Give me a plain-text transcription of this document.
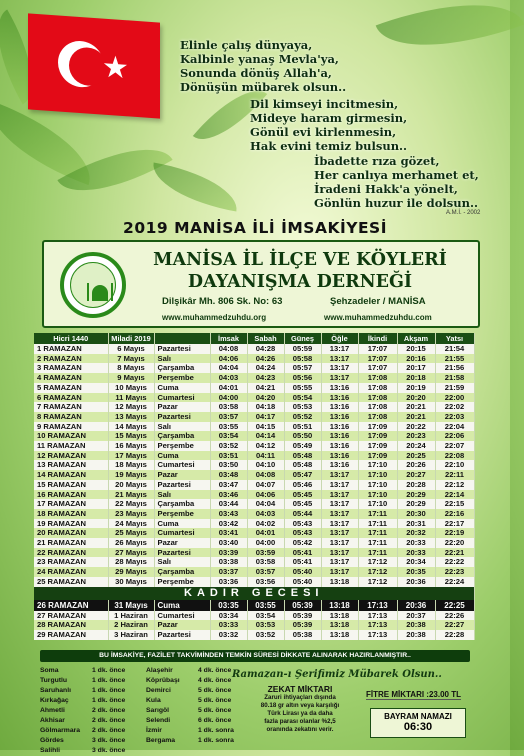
★
Elinle çalış dünyaya,
Kalbinle yanaş Mevla'ya,
Sonunda dönüş Allah'a,
Dönüşün mübarek olsun..
Dil kimseyi incitmesin,
Mideye haram girmesin,
Gönül evi kirlenmesin,
Hak evini temiz bulsun..
İbadette rıza gözet,
Her canlıya merhamet et,
İradeni Hakk'a yönelt,
Gönlün huzur ile dolsun..
A.M.İ. - 2002
2019 MANİSA İLİ İMSAKİYESİ
MANİSA İL İLÇE VE KÖYLERİ
DAYANIŞMA DERNEĞİ
Dilşikâr Mh. 806 Sk. No: 63	Şehzadeler / MANİSA
www.muhammedzuhdu.org	www.muhammedzuhdu.com
Hicri 1440	Miladi 2019		İmsak	Sabah	Güneş	Öğle	İkindi	Akşam	Yatsı
1 RAMAZAN	6 Mayıs	Pazartesi	04:08	04:28	05:59	13:17	17:07	20:15	21:54
2 RAMAZAN	7 Mayıs	Salı	04:06	04:26	05:58	13:17	17:07	20:16	21:55
3 RAMAZAN	8 Mayıs	Çarşamba	04:04	04:24	05:57	13:17	17:07	20:17	21:56
4 RAMAZAN	9 Mayıs	Perşembe	04:03	04:23	05:56	13:17	17:08	20:18	21:58
5 RAMAZAN	10 Mayıs	Cuma	04:01	04:21	05:55	13:16	17:08	20:19	21:59
6 RAMAZAN	11 Mayıs	Cumartesi	04:00	04:20	05:54	13:16	17:08	20:20	22:00
7 RAMAZAN	12 Mayıs	Pazar	03:58	04:18	05:53	13:16	17:08	20:21	22:02
8 RAMAZAN	13 Mayıs	Pazartesi	03:57	04:17	05:52	13:16	17:08	20:21	22:03
9 RAMAZAN	14 Mayıs	Salı	03:55	04:15	05:51	13:16	17:09	20:22	22:04
10 RAMAZAN	15 Mayıs	Çarşamba	03:54	04:14	05:50	13:16	17:09	20:23	22:06
11 RAMAZAN	16 Mayıs	Perşembe	03:52	04:12	05:49	13:16	17:09	20:24	22:07
12 RAMAZAN	17 Mayıs	Cuma	03:51	04:11	05:48	13:16	17:09	20:25	22:08
13 RAMAZAN	18 Mayıs	Cumartesi	03:50	04:10	05:48	13:16	17:10	20:26	22:10
14 RAMAZAN	19 Mayıs	Pazar	03:48	04:08	05:47	13:17	17:10	20:27	22:11
15 RAMAZAN	20 Mayıs	Pazartesi	03:47	04:07	05:46	13:17	17:10	20:28	22:12
16 RAMAZAN	21 Mayıs	Salı	03:46	04:06	05:45	13:17	17:10	20:29	22:14
17 RAMAZAN	22 Mayıs	Çarşamba	03:44	04:04	05:45	13:17	17:10	20:29	22:15
18 RAMAZAN	23 Mayıs	Perşembe	03:43	04:03	05:44	13:17	17:11	20:30	22:16
19 RAMAZAN	24 Mayıs	Cuma	03:42	04:02	05:43	13:17	17:11	20:31	22:17
20 RAMAZAN	25 Mayıs	Cumartesi	03:41	04:01	05:43	13:17	17:11	20:32	22:19
21 RAMAZAN	26 Mayıs	Pazar	03:40	04:00	05:42	13:17	17:11	20:33	22:20
22 RAMAZAN	27 Mayıs	Pazartesi	03:39	03:59	05:41	13:17	17:11	20:33	22:21
23 RAMAZAN	28 Mayıs	Salı	03:38	03:58	05:41	13:17	17:12	20:34	22:22
24 RAMAZAN	29 Mayıs	Çarşamba	03:37	03:57	05:40	13:17	17:12	20:35	22:23
25 RAMAZAN	30 Mayıs	Perşembe	03:36	03:56	05:40	13:18	17:12	20:36	22:24
KADIR GECESI									
26 RAMAZAN	31 Mayıs	Cuma	03:35	03:55	05:39	13:18	17:13	20:36	22:25
27 RAMAZAN	1 Haziran	Cumartesi	03:34	03:54	05:39	13:18	17:13	20:37	22:26
28 RAMAZAN	2 Haziran	Pazar	03:33	03:53	05:39	13:18	17:13	20:38	22:27
29 RAMAZAN	3 Haziran	Pazartesi	03:32	03:52	05:38	13:18	17:13	20:38	22:28
BU İMSAKİYE, FAZİLET TAKVİMİNDEN TEMKİN SÜRESİ DİKKATE ALINARAK HAZIRLANMIŞTIR..
Soma	1 dk. önce
Turgutlu	1 dk. önce
Saruhanlı	1 dk. önce
Kırkağaç	1 dk. önce
Ahmetli	2 dk. önce
Akhisar	2 dk. önce
Gölmarmara	2 dk. önce
Gördes	3 dk. önce
Salihli	3 dk. önce
Alaşehir	4 dk. önce
Köprübaşı	4 dk. önce
Demirci	5 dk. önce
Kula	5 dk. önce
Sarıgöl	5 dk. önce
Selendi	6 dk. önce
İzmir	1 dk. sonra
Bergama	1 dk. sonra
Ramazan-ı Şerifimiz Mübarek Olsun..
ZEKAT MİKTARI
Zaruri ihtiyaçları dışında
80.18 gr altın veya karşılığı
Türk Lirası ya da daha
fazla parası olanlar %2,5
oranında zekatını verir.
FİTRE MİKTARI :23.00 TL
BAYRAM NAMAZI
06:30
